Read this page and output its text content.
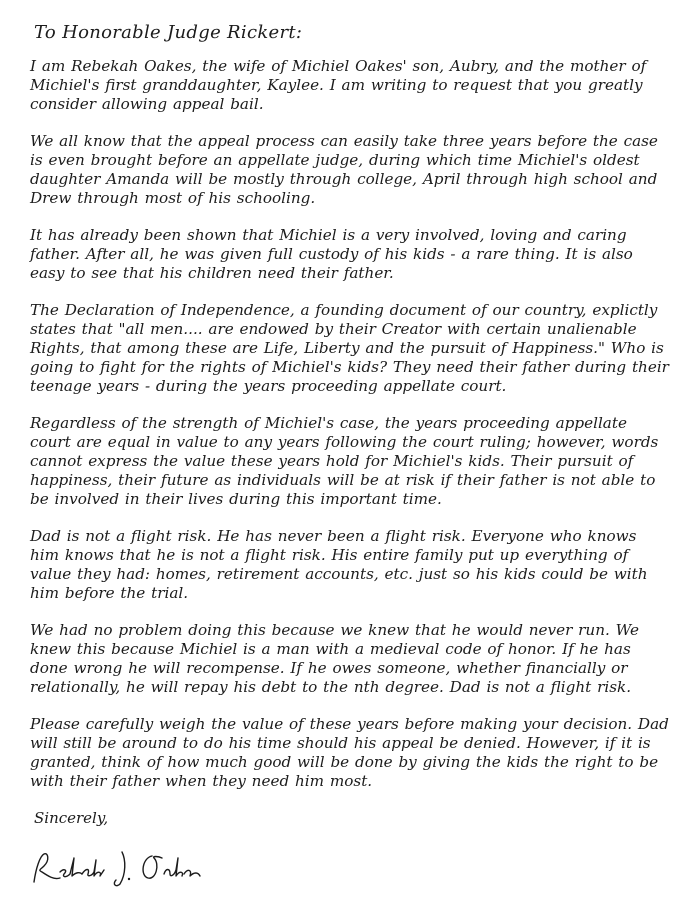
To Honorable Judge Rickert:

I am Rebekah Oakes, the wife of Michiel Oakes' son, Aubry, and the mother of Michiel's first granddaughter, Kaylee. I am writing to request that you greatly consider allowing appeal bail.

We all know that the appeal process can easily take three years before the case is even brought before an appellate judge, during which time Michiel's oldest daughter Amanda will be mostly through college, April through high school and Drew through most of his schooling.

It has already been shown that Michiel is a very involved, loving and caring father. After all, he was given full custody of his kids - a rare thing. It is also easy to see that his children need their father.

The Declaration of Independence, a founding document of our country, explictly states that "all men.... are endowed by their Creator with certain unalienable Rights, that among these are Life, Liberty and the pursuit of Happiness." Who is going to fight for the rights of Michiel's kids? They need their father during their teenage years - during the years proceeding appellate court.

Regardless of the strength of Michiel's case, the years proceeding appellate court are equal in value to any years following the court ruling; however, words cannot express the value these years hold for Michiel's kids. Their pursuit of happiness, their future as individuals will be at risk if their father is not able to be involved in their lives during this important time.

Dad is not a flight risk. He has never been a flight risk. Everyone who knows him knows that he is not a flight risk. His entire family put up everything of value they had: homes, retirement accounts, etc. just so his kids could be with him before the trial.

We had no problem doing this because we knew that he would never run. We knew this because Michiel is a man with a medieval code of honor. If he has done wrong he will recompense. If he owes someone, whether financially or relationally, he will repay his debt to the nth degree. Dad is not a flight risk.

Please carefully weigh the value of these years before making your decision. Dad will still be around to do his time should his appeal be denied. However, if it is granted, think of how much good will be done by giving the kids the right to be with their father when they need him most.

Sincerely,
